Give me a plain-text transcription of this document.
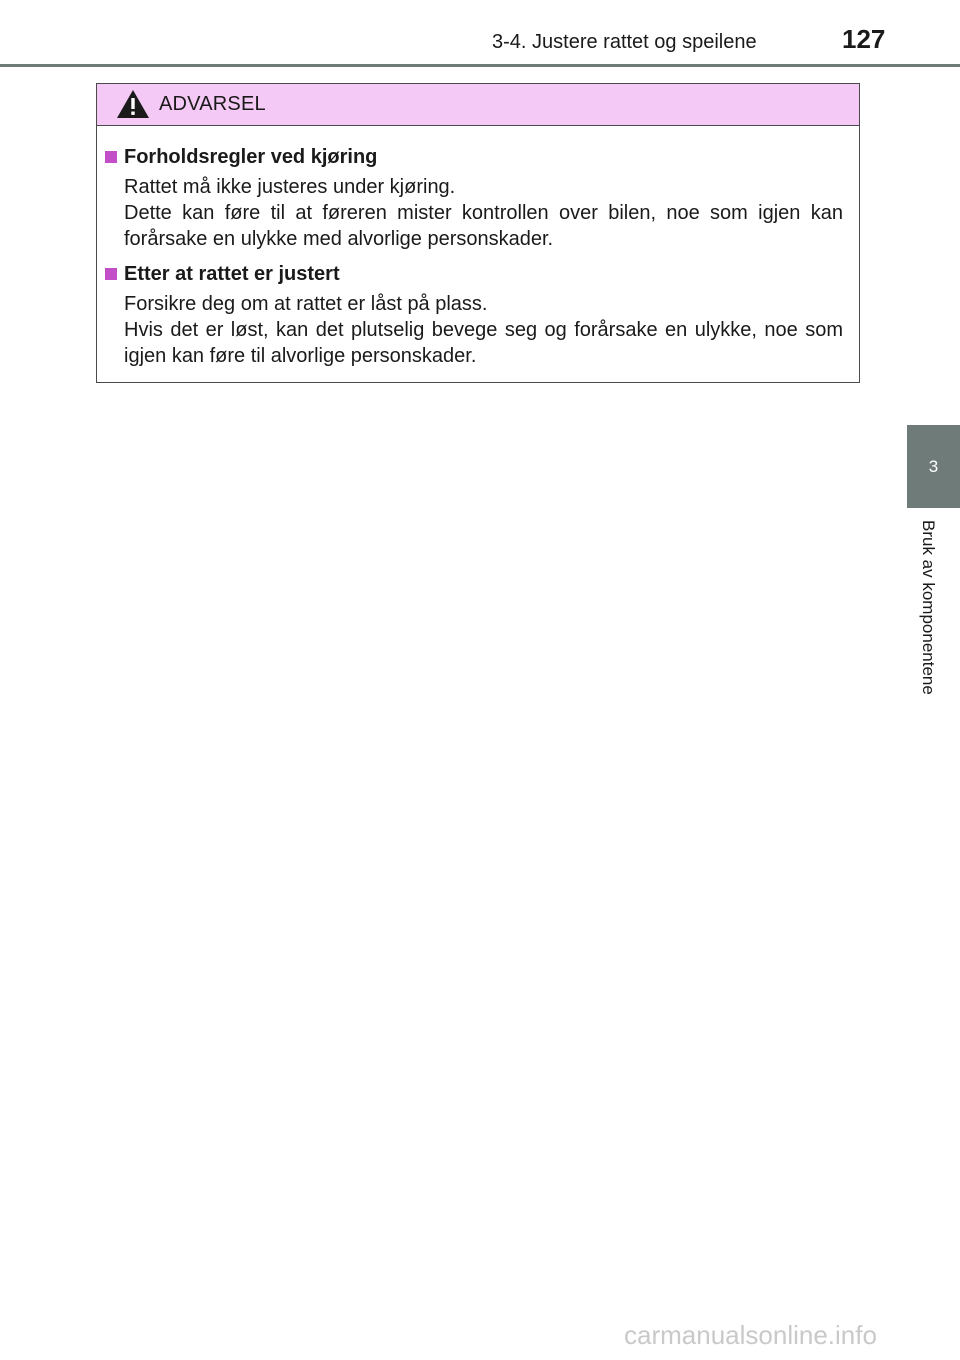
3-4. Justere rattet og speilene	127
3
Bruk av komponentene
ADVARSEL
Forholdsregler ved kjøring

Rattet må ikke justeres under kjøring.

Dette kan føre til at føreren mister kontrollen over bilen, noe som igjen kan forårsake en ulykke med alvorlige personskader.

Etter at rattet er justert

Forsikre deg om at rattet er låst på plass.

Hvis det er løst, kan det plutselig bevege seg og forårsake en ulykke, noe som igjen kan føre til alvorlige personskader.

carmanualsonline.info
